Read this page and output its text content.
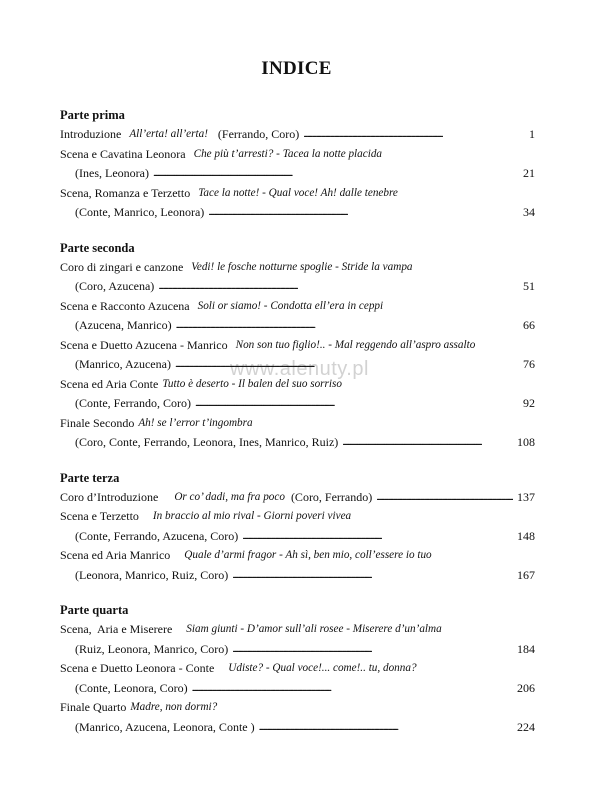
INDICE
www.alenuty.pl
Parte prima
Introduzione All’erta! all’erta! (Ferrando, Coro) . . .	1
Scena e Cavatina Leonora Che più t’arresti? - Tacea la notte placida
(Ines, Leonora) . . .	21
Scena, Romanza e Terzetto Tace la notte! - Qual voce! Ah! dalle tenebre
(Conte, Manrico, Leonora) . . .	34
Parte seconda
Coro di zingari e canzone Vedi! le fosche notturne spoglie - Stride la vampa
(Coro, Azucena) . . .	51
Scena e Racconto Azucena Soli or siamo! - Condotta ell’era in ceppi
(Azucena, Manrico) . . .	66
Scena e Duetto Azucena - Manrico Non son tuo figlio!.. - Mal reggendo all’aspro assalto
(Manrico, Azucena) . . .	76
Scena ed Aria Conte Tutto è deserto - Il balen del suo sorriso
(Conte, Ferrando, Coro) . . .	92
Finale Secondo Ah! se l’error t’ingombra
(Coro, Conte, Ferrando, Leonora, Ines, Manrico, Ruiz) . . .	108
Parte terza
Coro d’Introduzione Or co’ dadi, ma fra poco (Coro, Ferrando) . . .	137
Scena e Terzetto In braccio al mio rival - Giorni poveri vivea
(Conte, Ferrando, Azucena, Coro) . . .	148
Scena ed Aria Manrico Quale d’armi fragor - Ah sì, ben mio, coll’essere io tuo
(Leonora, Manrico, Ruiz, Coro) . . .	167
Parte quarta
Scena,  Aria e Miserere Siam giunti - D’amor sull’ali rosee - Miserere d’un’alma
(Ruiz, Leonora, Manrico, Coro) . . .	184
Scena e Duetto Leonora - Conte Udiste? - Qual voce!... come!.. tu, donna?
(Conte, Leonora, Coro) . . .	206
Finale Quarto Madre, non dormi?
(Manrico, Azucena, Leonora, Conte ) . . .	224
